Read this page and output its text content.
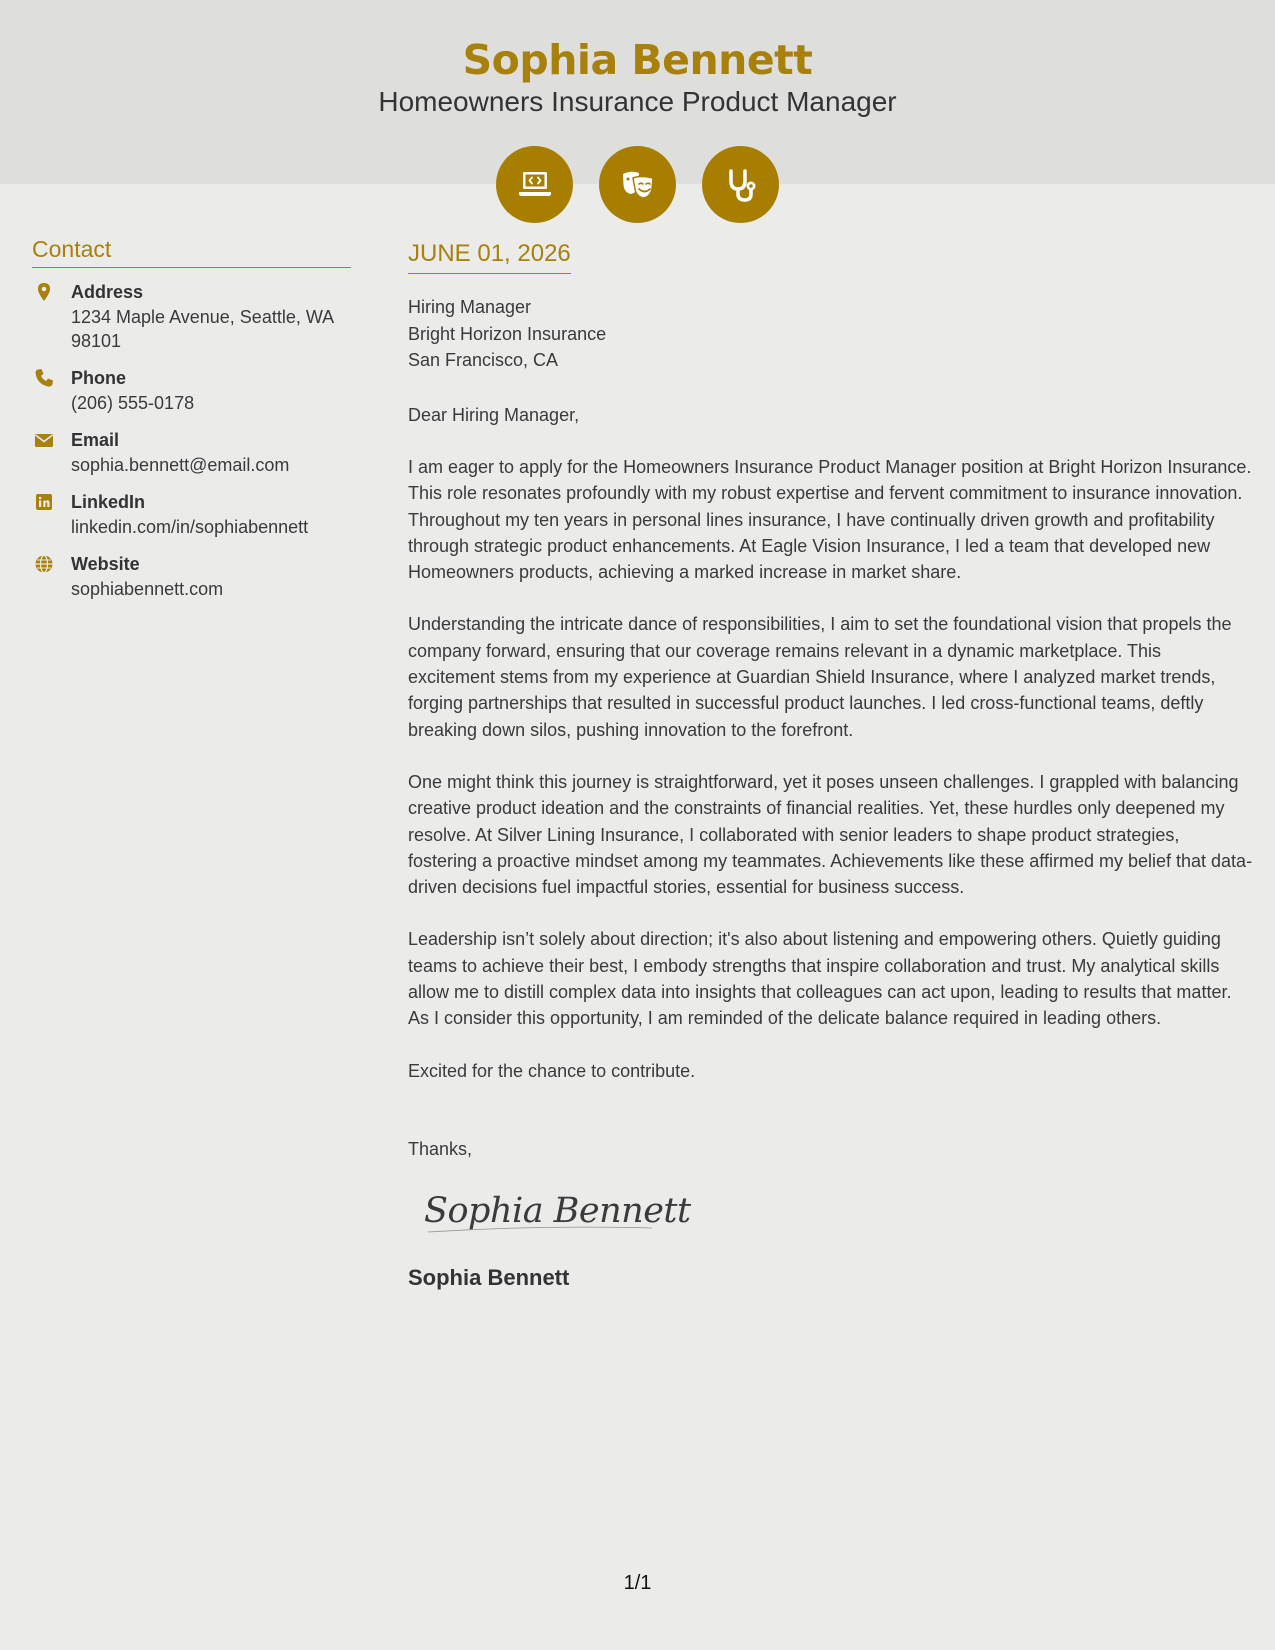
Sophia Bennett
Homeowners Insurance Product Manager
Contact
Address
1234 Maple Avenue, Seattle, WA 98101
Phone
(206) 555-0178
Email
sophia.bennett@email.com
LinkedIn
linkedin.com/in/sophiabennett
Website
sophiabennett.com
JUNE 01, 2026
Hiring Manager
Bright Horizon Insurance
San Francisco, CA
Dear Hiring Manager,
I am eager to apply for the Homeowners Insurance Product Manager position at Bright Horizon Insurance. This role resonates profoundly with my robust expertise and fervent commitment to insurance innovation. Throughout my ten years in personal lines insurance, I have continually driven growth and profitability through strategic product enhancements. At Eagle Vision Insurance, I led a team that developed new Homeowners products, achieving a marked increase in market share.
Understanding the intricate dance of responsibilities, I aim to set the foundational vision that propels the company forward, ensuring that our coverage remains relevant in a dynamic marketplace. This excitement stems from my experience at Guardian Shield Insurance, where I analyzed market trends, forging partnerships that resulted in successful product launches. I led cross-functional teams, deftly breaking down silos, pushing innovation to the forefront.
One might think this journey is straightforward, yet it poses unseen challenges. I grappled with balancing creative product ideation and the constraints of financial realities. Yet, these hurdles only deepened my resolve. At Silver Lining Insurance, I collaborated with senior leaders to shape product strategies, fostering a proactive mindset among my teammates. Achievements like these affirmed my belief that data-driven decisions fuel impactful stories, essential for business success.
Leadership isn’t solely about direction; it's also about listening and empowering others. Quietly guiding teams to achieve their best, I embody strengths that inspire collaboration and trust. My analytical skills allow me to distill complex data into insights that colleagues can act upon, leading to results that matter. As I consider this opportunity, I am reminded of the delicate balance required in leading others.
Excited for the chance to contribute.
Thanks,
Sophia Bennett
Sophia Bennett
1/1
